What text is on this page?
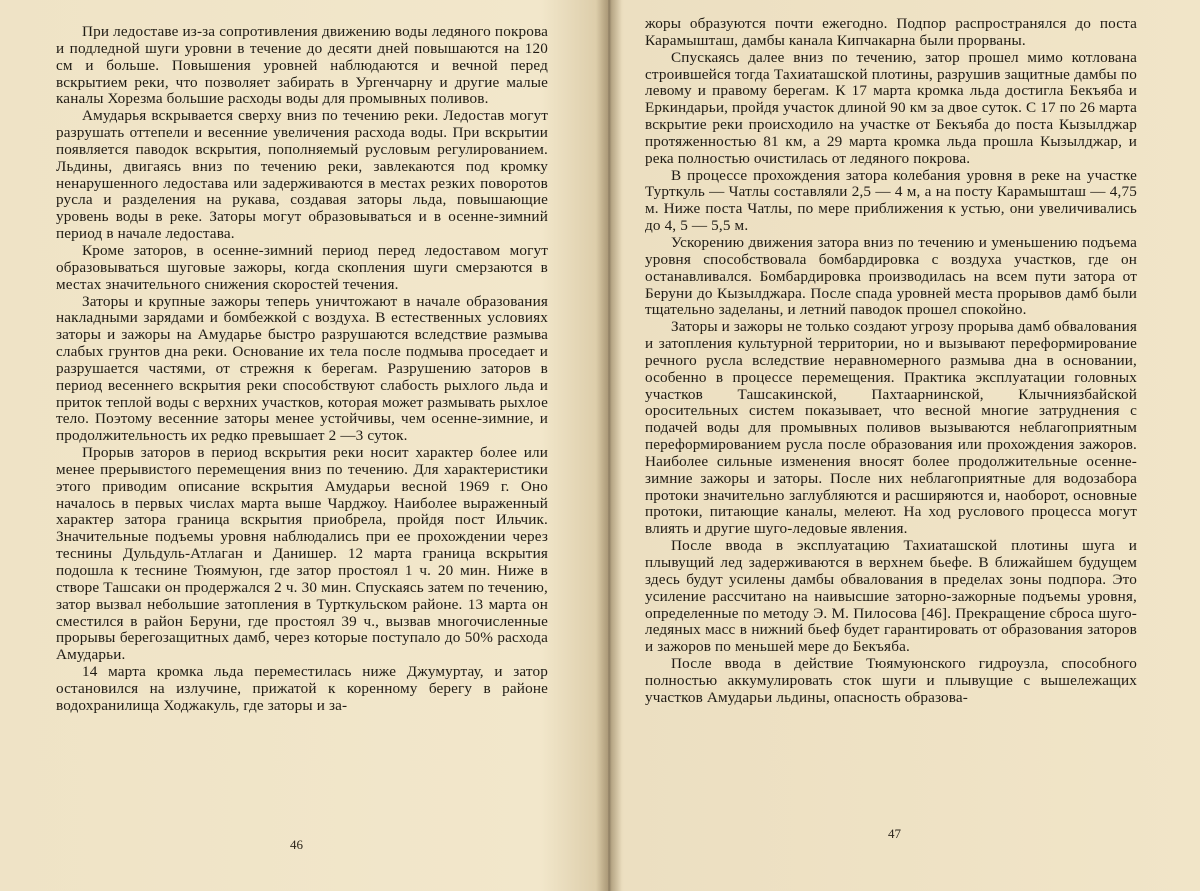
При ледоставе из-за сопротивления движению воды ледяного покрова и подледной шуги уровни в течение до десяти дней повышаются на 120 см и больше. Повышения уровней наблюдаются и вечной перед вскрытием реки, что позволяет забирать в Ургенчарну и другие малые каналы Хорезма большие расходы воды для промывных поливов.

Амударья вскрывается сверху вниз по течению реки. Ледостав могут разрушать оттепели и весенние увеличения расхода воды. При вскрытии появляется паводок вскрытия, пополняемый русловым регулированием. Льдины, двигаясь вниз по течению реки, завлекаются под кромку ненарушенного ледостава или задерживаются в местах резких поворотов русла и разделения на рукава, создавая заторы льда, повышающие уровень воды в реке. Заторы могут образовываться и в осенне-зимний период в начале ледостава.

Кроме заторов, в осенне-зимний период перед ледоставом могут образовываться шуговые зажоры, когда скопления шуги смерзаются в местах значительного снижения скоростей течения.

Заторы и крупные зажоры теперь уничтожают в начале образования накладными зарядами и бомбежкой с воздуха. В естественных условиях заторы и зажоры на Амударье быстро разрушаются вследствие размыва слабых грунтов дна реки. Основание их тела после подмыва проседает и разрушается частями, от стрежня к берегам. Разрушению заторов в период весеннего вскрытия реки способствуют слабость рыхлого льда и приток теплой воды с верхних участков, которая может размывать рыхлое тело. Поэтому весенние заторы менее устойчивы, чем осенне-зимние, и продолжительность их редко превышает 2 —3 суток.

Прорыв заторов в период вскрытия реки носит характер более или менее прерывистого перемещения вниз по течению. Для характеристики этого приводим описание вскрытия Амударьи весной 1969 г. Оно началось в первых числах марта выше Чарджоу. Наиболее выраженный характер затора граница вскрытия приобрела, пройдя пост Ильчик. Значительные подъемы уровня наблюдались при ее прохождении через теснины Дульдуль-Атлаган и Данишер. 12 марта граница вскрытия подошла к теснине Тюямуюн, где затор простоял 1 ч. 20 мин. Ниже в створе Ташсаки он продержался 2 ч. 30 мин. Спускаясь затем по течению, затор вызвал небольшие затопления в Турткульском районе. 13 марта он сместился в район Беруни, где простоял 39 ч., вызвав многочисленные прорывы берегозащитных дамб, через которые поступало до 50% расхода Амударьи.

14 марта кромка льда переместилась ниже Джумуртау, и затор остановился на излучине, прижатой к коренному берегу в районе водохранилища Ходжакуль, где заторы и за-

46

жоры образуются почти ежегодно. Подпор распространялся до поста Карамышташ, дамбы канала Кипчакарна были прорваны.

Спускаясь далее вниз по течению, затор прошел мимо котлована строившейся тогда Тахиаташской плотины, разрушив защитные дамбы по левому и правому берегам. К 17 марта кромка льда достигла Бекъяба и Еркиндарьи, пройдя участок длиной 90 км за двое суток. С 17 по 26 марта вскрытие реки происходило на участке от Бекъяба до поста Кызылджар протяженностью 81 км, а 29 марта кромка льда прошла Кызылджар, и река полностью очистилась от ледяного покрова.

В процессе прохождения затора колебания уровня в реке на участке Турткуль — Чатлы составляли 2,5 — 4 м, а на посту Карамышташ — 4,75 м. Ниже поста Чатлы, по мере приближения к устью, они увеличивались до 4, 5 — 5,5 м.

Ускорению движения затора вниз по течению и уменьшению подъема уровня способствовала бомбардировка с воздуха участков, где он останавливался. Бомбардировка производилась на всем пути затора от Беруни до Кызылджара. После спада уровней места прорывов дамб были тщательно заделаны, и летний паводок прошел спокойно.

Заторы и зажоры не только создают угрозу прорыва дамб обвалования и затопления культурной территории, но и вызывают переформирование речного русла вследствие неравномерного размыва дна в основании, особенно в процессе перемещения. Практика эксплуатации головных участков Ташсакинской, Пахтаарнинской, Клычниязбайской оросительных систем показывает, что весной многие затруднения с подачей воды для промывных поливов вызываются неблагоприятным переформированием русла после образования или прохождения зажоров. Наиболее сильные изменения вносят более продолжительные осенне-зимние зажоры и заторы. После них неблагоприятные для водозабора протоки значительно заглубляются и расширяются и, наоборот, основные протоки, питающие каналы, мелеют. На ход руслового процесса могут влиять и другие шуго-ледовые явления.

После ввода в эксплуатацию Тахиаташской плотины шуга и плывущий лед задерживаются в верхнем бьефе. В ближайшем будущем здесь будут усилены дамбы обвалования в пределах зоны подпора. Это усиление рассчитано на наивысшие заторно-зажорные подъемы уровня, определенные по методу Э. М. Пилосова [46]. Прекращение сброса шуго-ледяных масс в нижний бьеф будет гарантировать от образования заторов и зажоров по меньшей мере до Бекъяба.

После ввода в действие Тюямуюнского гидроузла, способного полностью аккумулировать сток шуги и плывущие с вышележащих участков Амударьи льдины, опасность образова-

47
